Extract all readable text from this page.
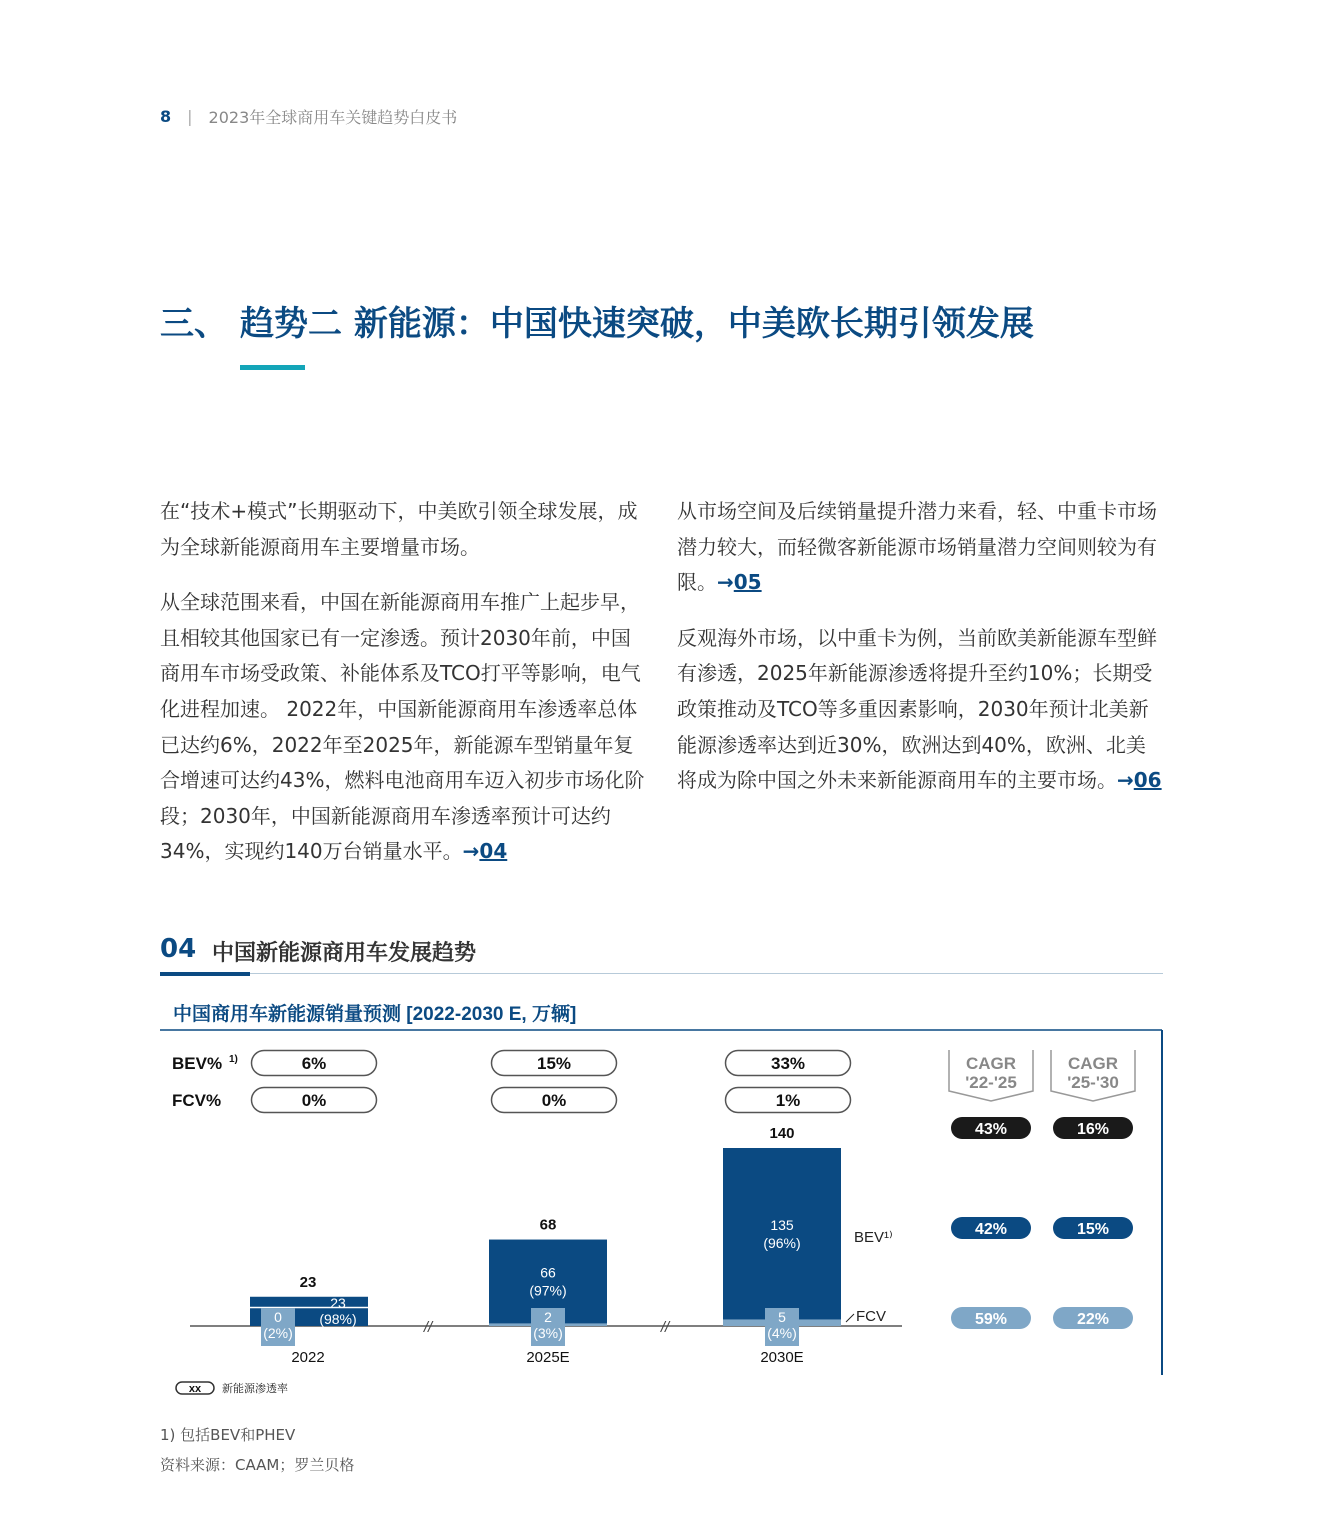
8 | 2023年全球商用车关键趋势白皮书
三、 趋势二 新能源：中国快速突破，中美欧长期引领发展

在“技术+模式”长期驱动下，中美欧引领全球发展，成为全球新能源商用车主要增量市场。

从全球范围来看，中国在新能源商用车推广上起步早，且相较其他国家已有一定渗透。预计2030年前，中国商用车市场受政策、补能体系及TCO打平等影响，电气化进程加速。 2022年，中国新能源商用车渗透率总体已达约6%，2022年至2025年，新能源车型销量年复合增速可达约43%，燃料电池商用车迈入初步市场化阶段；2030年，中国新能源商用车渗透率预计可达约34%，实现约140万台销量水平。→04

从市场空间及后续销量提升潜力来看，轻、中重卡市场潜力较大，而轻微客新能源市场销量潜力空间则较为有限。→05

反观海外市场，以中重卡为例，当前欧美新能源车型鲜有渗透，2025年新能源渗透将提升至约10%；长期受政策推动及TCO等多重因素影响，2030年预计北美新能源渗透率达到近30%，欧洲达到40%，欧洲、北美将成为除中国之外未来新能源商用车的主要市场。→06

04 中国新能源商用车发展趋势
中国商用车新能源销量预测 [2022-2030 E, 万辆]
BEV% 1)	6%	15%	33%
FCV%	0%	0%	1%
//	//
23
23
(98%)
0
(2%)
2022
68
66
(97%)
2
(3%)
2025E
140
135
(96%)
5
(4%)
2030E
BEV¹⁾
FCV
CAGR
'22-'25
CAGR
'25-'30
43%	16%
42%	15%
59%	22%
xx 新能源渗透率
1) 包括BEV和PHEV
资料来源：CAAM；罗兰贝格
